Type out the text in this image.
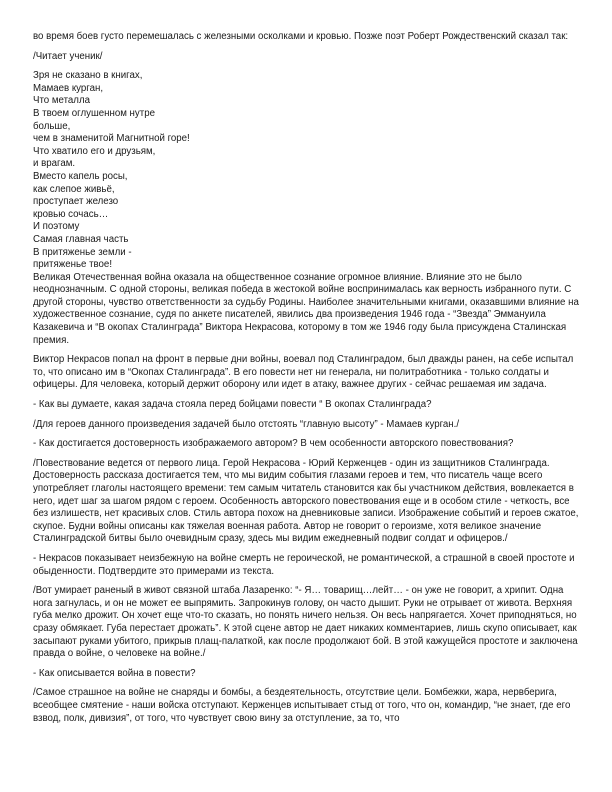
во время боев густо перемешалась с железными осколками и кровью. Позже поэт Роберт Рождественский сказал так:

/Читает ученик/

Зря не сказано в книгах,
Мамаев курган,
Что металла
В твоем оглушенном нутре
больше,
чем в знаменитой Магнитной горе!
Что хватило его и друзьям,
и врагам.
Вместо капель росы,
как слепое живьё,
проступает железо
кровью сочась…
И поэтому
Самая главная часть
В притяженье земли -
притяженье твое!

Великая Отечественная война оказала на общественное сознание огромное влияние. Влияние это не было неоднозначным. С одной стороны, великая победа в жестокой войне воспринималась как верность избранного пути. С другой стороны, чувство ответственности за судьбу Родины. Наиболее значительными книгами, оказавшими влияние на художественное сознание, судя по анкете писателей, явились два произведения 1946 года - “Звезда” Эммануила Казакевича и “В окопах Сталинграда” Виктора Некрасова, которому в том же 1946 году была присуждена Сталинская премия.

Виктор Некрасов попал на фронт в первые дни войны, воевал под Сталинградом, был дважды ранен, на себе испытал то, что описано им в “Окопах Сталинграда”. В его повести нет ни генерала, ни политработника - только солдаты и офицеры. Для человека, который держит оборону или идет в атаку, важнее других - сейчас решаемая им задача.

- Как вы думаете, какая задача стояла перед бойцами повести “ В окопах Сталинграда?

/Для героев данного произведения задачей было отстоять “главную высоту” - Мамаев курган./

- Как достигается достоверность изображаемого автором? В чем особенности авторского повествования?

/Повествование ведется от первого лица. Герой Некрасова - Юрий Керженцев - один из защитников Сталинграда. Достоверность рассказа достигается тем, что мы видим события глазами героев и тем, что писатель чаще всего употребляет глаголы настоящего времени: тем самым читатель становится как бы участником действия, вовлекается в него, идет шаг за шагом рядом с героем. Особенность авторского повествования еще и в особом стиле - четкость, все без излишеств, нет красивых слов. Стиль автора похож на дневниковые записи. Изображение событий и героев сжатое, скупое. Будни войны описаны как тяжелая военная работа. Автор не говорит о героизме, хотя великое значение Сталинградской битвы было очевидным сразу, здесь мы видим ежедневный подвиг солдат и офицеров./

- Некрасов показывает неизбежную на войне смерть не героической, не романтической, а страшной в своей простоте и обыденности. Подтвердите это примерами из текста.

/Вот умирает раненый в живот связной штаба Лазаренко: “- Я… товарищ…лейт… - он уже не говорит, а хрипит. Одна нога загнулась, и он не может ее выпрямить. Запрокинув голову, он часто дышит. Руки не отрывает от живота. Верхняя губа мелко дрожит. Он хочет еще что-то сказать, но понять ничего нельзя. Он весь напрягается. Хочет приподняться, но сразу обмякает. Губа перестает дрожать”. К этой сцене автор не дает никаких комментариев, лишь скупо описывает, как засыпают руками убитого, прикрыв плащ-палаткой, как после продолжают бой. В этой кажущейся простоте и заключена правда о войне, о человеке на войне./

- Как описывается война в повести?

/Самое страшное на войне не снаряды и бомбы, а бездеятельность, отсутствие цели. Бомбежки, жара, нервберига, всеобщее смятение - наши войска отступают. Керженцев испытывает стыд от того, что он, командир, “не знает, где его взвод, полк, дивизия”, от того, что чувствует свою вину за отступление, за то, что
